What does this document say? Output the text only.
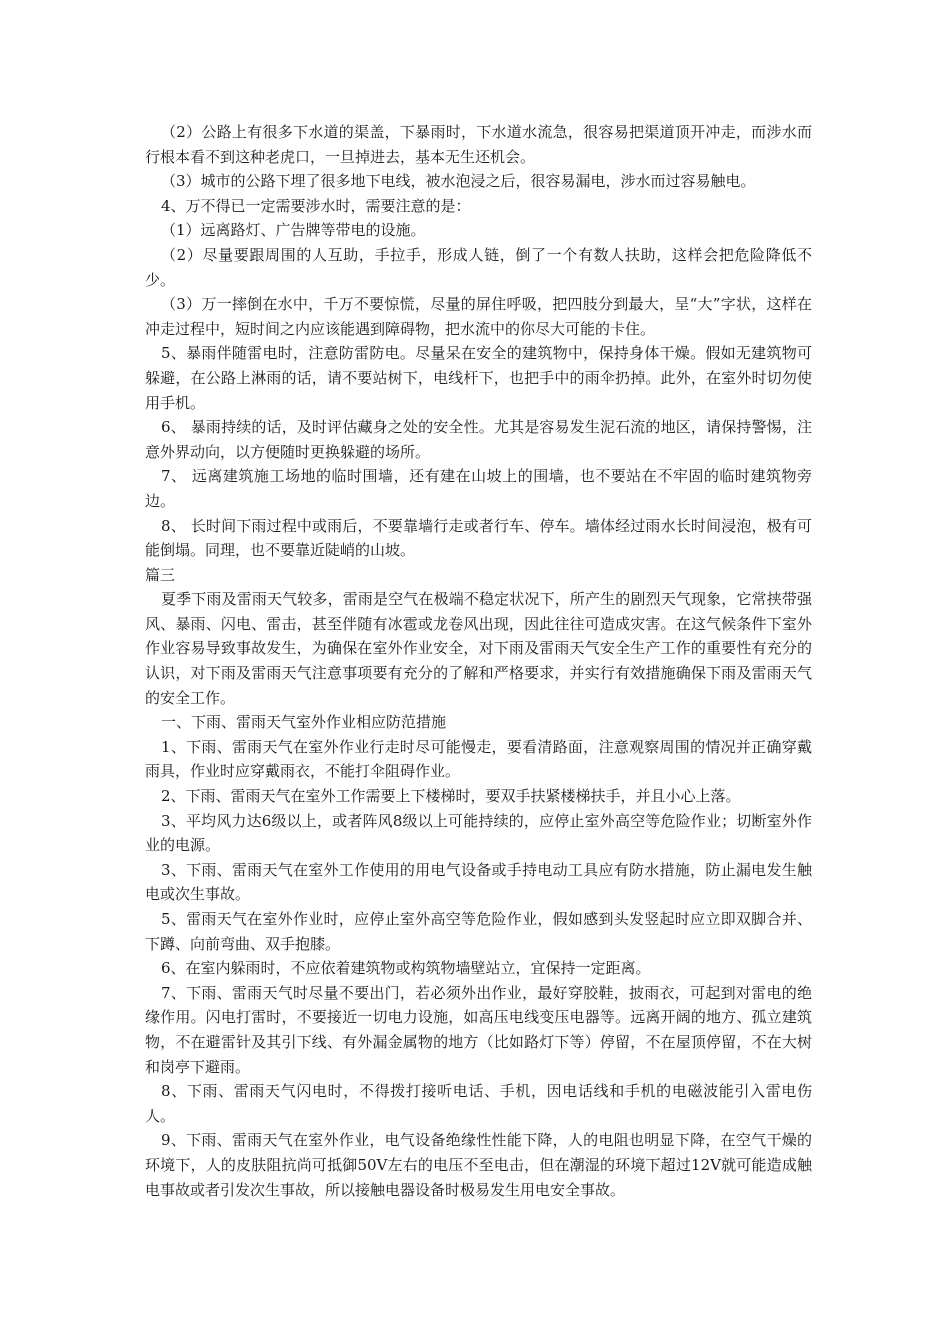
（2）公路上有很多下水道的渠盖，下暴雨时，下水道水流急，很容易把渠道顶开冲走，而涉水而行根本看不到这种老虎口，一旦掉进去，基本无生还机会。

（3）城市的公路下埋了很多地下电线，被水泡浸之后，很容易漏电，涉水而过容易触电。

4、万不得已一定需要涉水时，需要注意的是：

（1）远离路灯、广告牌等带电的设施。

（2）尽量要跟周围的人互助，手拉手，形成人链，倒了一个有数人扶助，这样会把危险降低不少。

（3）万一摔倒在水中，千万不要惊慌，尽量的屏住呼吸，把四肢分到最大，呈“大”字状，这样在冲走过程中，短时间之内应该能遇到障碍物，把水流中的你尽大可能的卡住。

5、暴雨伴随雷电时，注意防雷防电。尽量呆在安全的建筑物中，保持身体干燥。假如无建筑物可躲避，在公路上淋雨的话，请不要站树下，电线杆下，也把手中的雨伞扔掉。此外，在室外时切勿使用手机。

6、 暴雨持续的话，及时评估藏身之处的安全性。尤其是容易发生泥石流的地区，请保持警惕，注意外界动向，以方便随时更换躲避的场所。

7、 远离建筑施工场地的临时围墙，还有建在山坡上的围墙，也不要站在不牢固的临时建筑物旁边。

8、 长时间下雨过程中或雨后，不要靠墙行走或者行车、停车。墙体经过雨水长时间浸泡，极有可能倒塌。同理，也不要靠近陡峭的山坡。

篇三

夏季下雨及雷雨天气较多，雷雨是空气在极端不稳定状况下，所产生的剧烈天气现象，它常挟带强风、暴雨、闪电、雷击，甚至伴随有冰雹或龙卷风出现，因此往往可造成灾害。在这气候条件下室外作业容易导致事故发生，为确保在室外作业安全，对下雨及雷雨天气安全生产工作的重要性有充分的认识，对下雨及雷雨天气注意事项要有充分的了解和严格要求，并实行有效措施确保下雨及雷雨天气的安全工作。

一、下雨、雷雨天气室外作业相应防范措施

1、下雨、雷雨天气在室外作业行走时尽可能慢走，要看清路面，注意观察周围的情况并正确穿戴雨具，作业时应穿戴雨衣，不能打伞阻碍作业。

2、下雨、雷雨天气在室外工作需要上下楼梯时，要双手扶紧楼梯扶手，并且小心上落。

3、平均风力达6级以上，或者阵风8级以上可能持续的，应停止室外高空等危险作业；切断室外作业的电源。

3、下雨、雷雨天气在室外工作使用的用电气设备或手持电动工具应有防水措施，防止漏电发生触电或次生事故。

5、雷雨天气在室外作业时，应停止室外高空等危险作业，假如感到头发竖起时应立即双脚合并、下蹲、向前弯曲、双手抱膝。

6、在室内躲雨时，不应依着建筑物或构筑物墙壁站立，宜保持一定距离。

7、下雨、雷雨天气时尽量不要出门，若必须外出作业，最好穿胶鞋，披雨衣，可起到对雷电的绝缘作用。闪电打雷时，不要接近一切电力设施，如高压电线变压电器等。远离开阔的地方、孤立建筑物，不在避雷针及其引下线、有外漏金属物的地方（比如路灯下等）停留，不在屋顶停留，不在大树和岗亭下避雨。

8、下雨、雷雨天气闪电时，不得拨打接听电话、手机，因电话线和手机的电磁波能引入雷电伤人。

9、下雨、雷雨天气在室外作业，电气设备绝缘性性能下降，人的电阻也明显下降，在空气干燥的环境下，人的皮肤阻抗尚可抵御50V左右的电压不至电击，但在潮湿的环境下超过12V就可能造成触电事故或者引发次生事故，所以接触电器设备时极易发生用电安全事故。
